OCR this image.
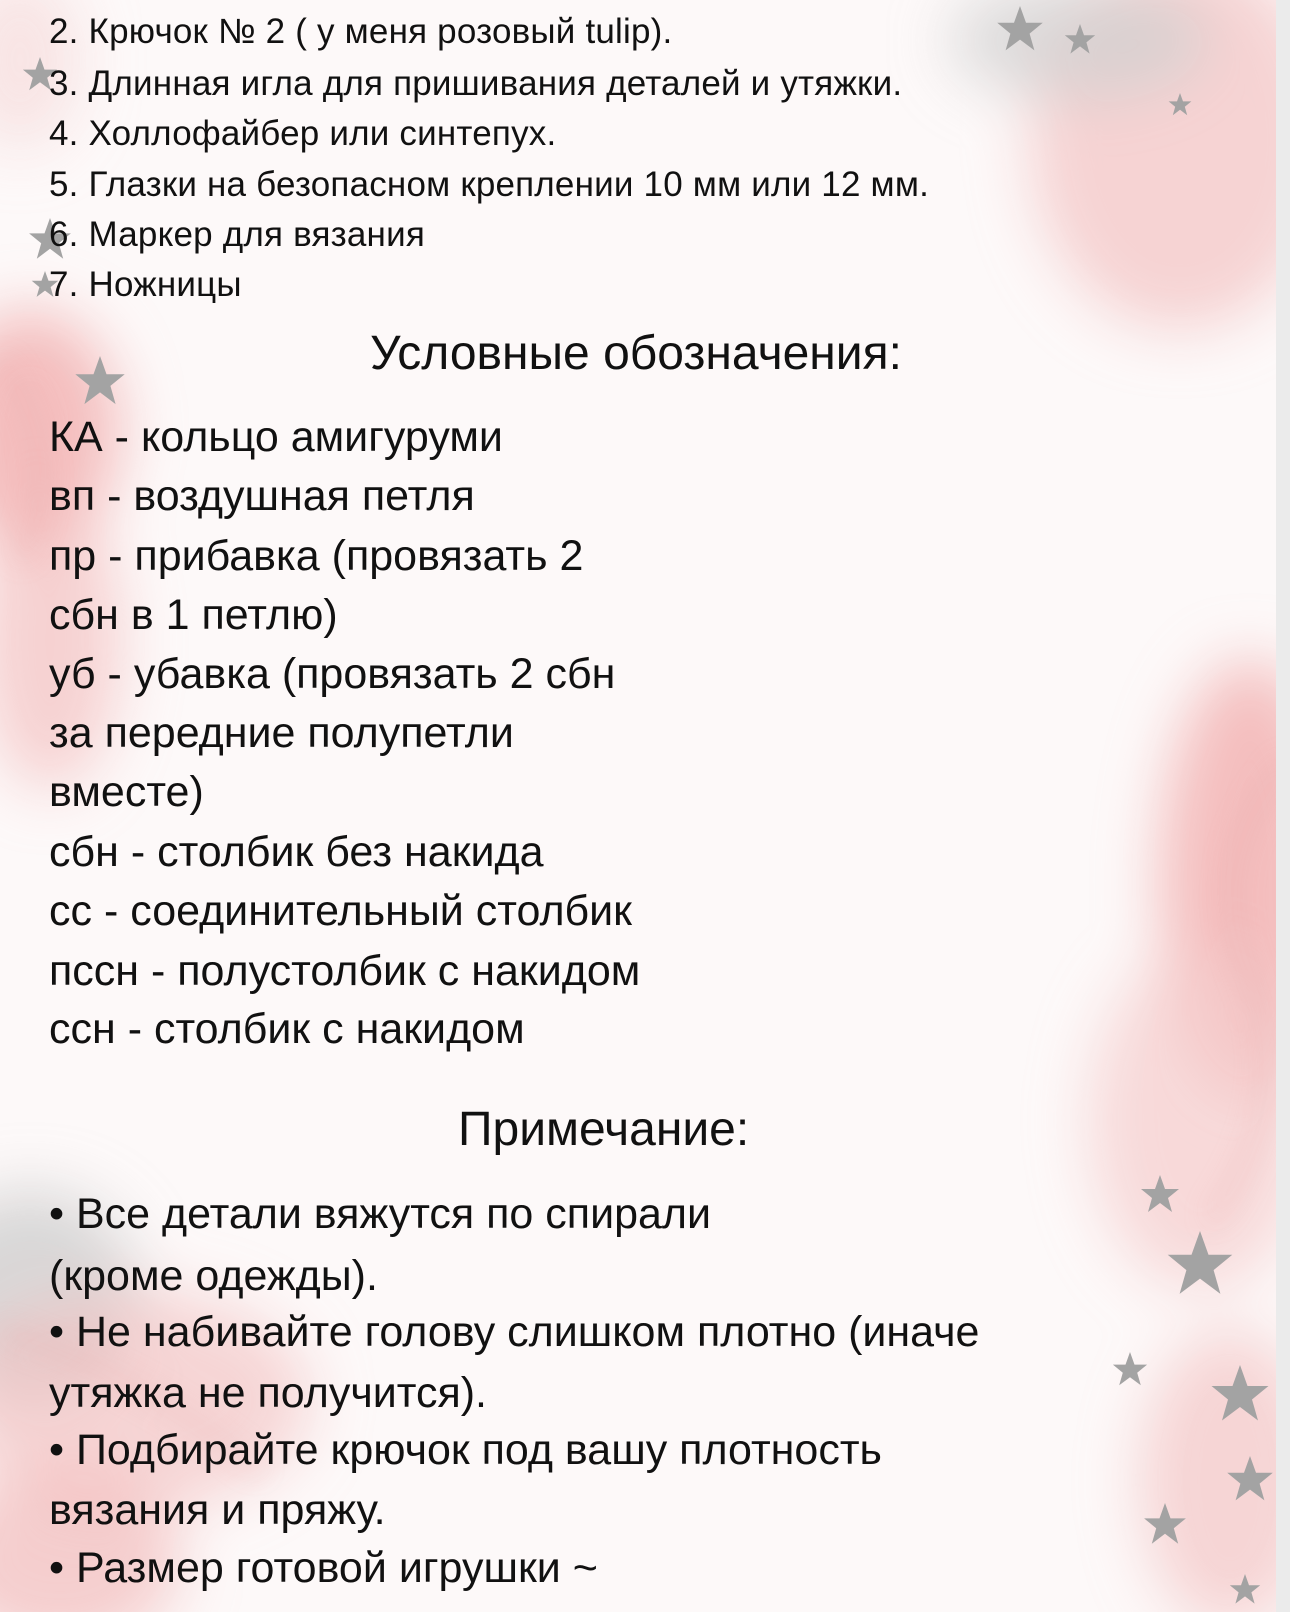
2. Крючок № 2 ( у меня розовый tulip).

3. Длинная игла для пришивания деталей и утяжки.

4. Холлофайбер или синтепух.

5. Глазки на безопасном креплении 10 мм или 12 мм.

6. Маркер для вязания

7. Ножницы

Условные обозначения:

КА - кольцо амигуруми

вп - воздушная петля

пр - прибавка (провязать 2

сбн в 1 петлю)

уб - убавка (провязать 2 сбн

за передние полупетли

вместе)

сбн - столбик без накида

сс - соединительный столбик

пссн - полустолбик с накидом

ссн - столбик с накидом

Примечание:

• Все детали вяжутся по спирали

(кроме одежды).

• Не набивайте голову слишком плотно (иначе

утяжка не получится).

• Подбирайте крючок под вашу плотность

вязания и пряжу.

• Размер готовой игрушки ~
